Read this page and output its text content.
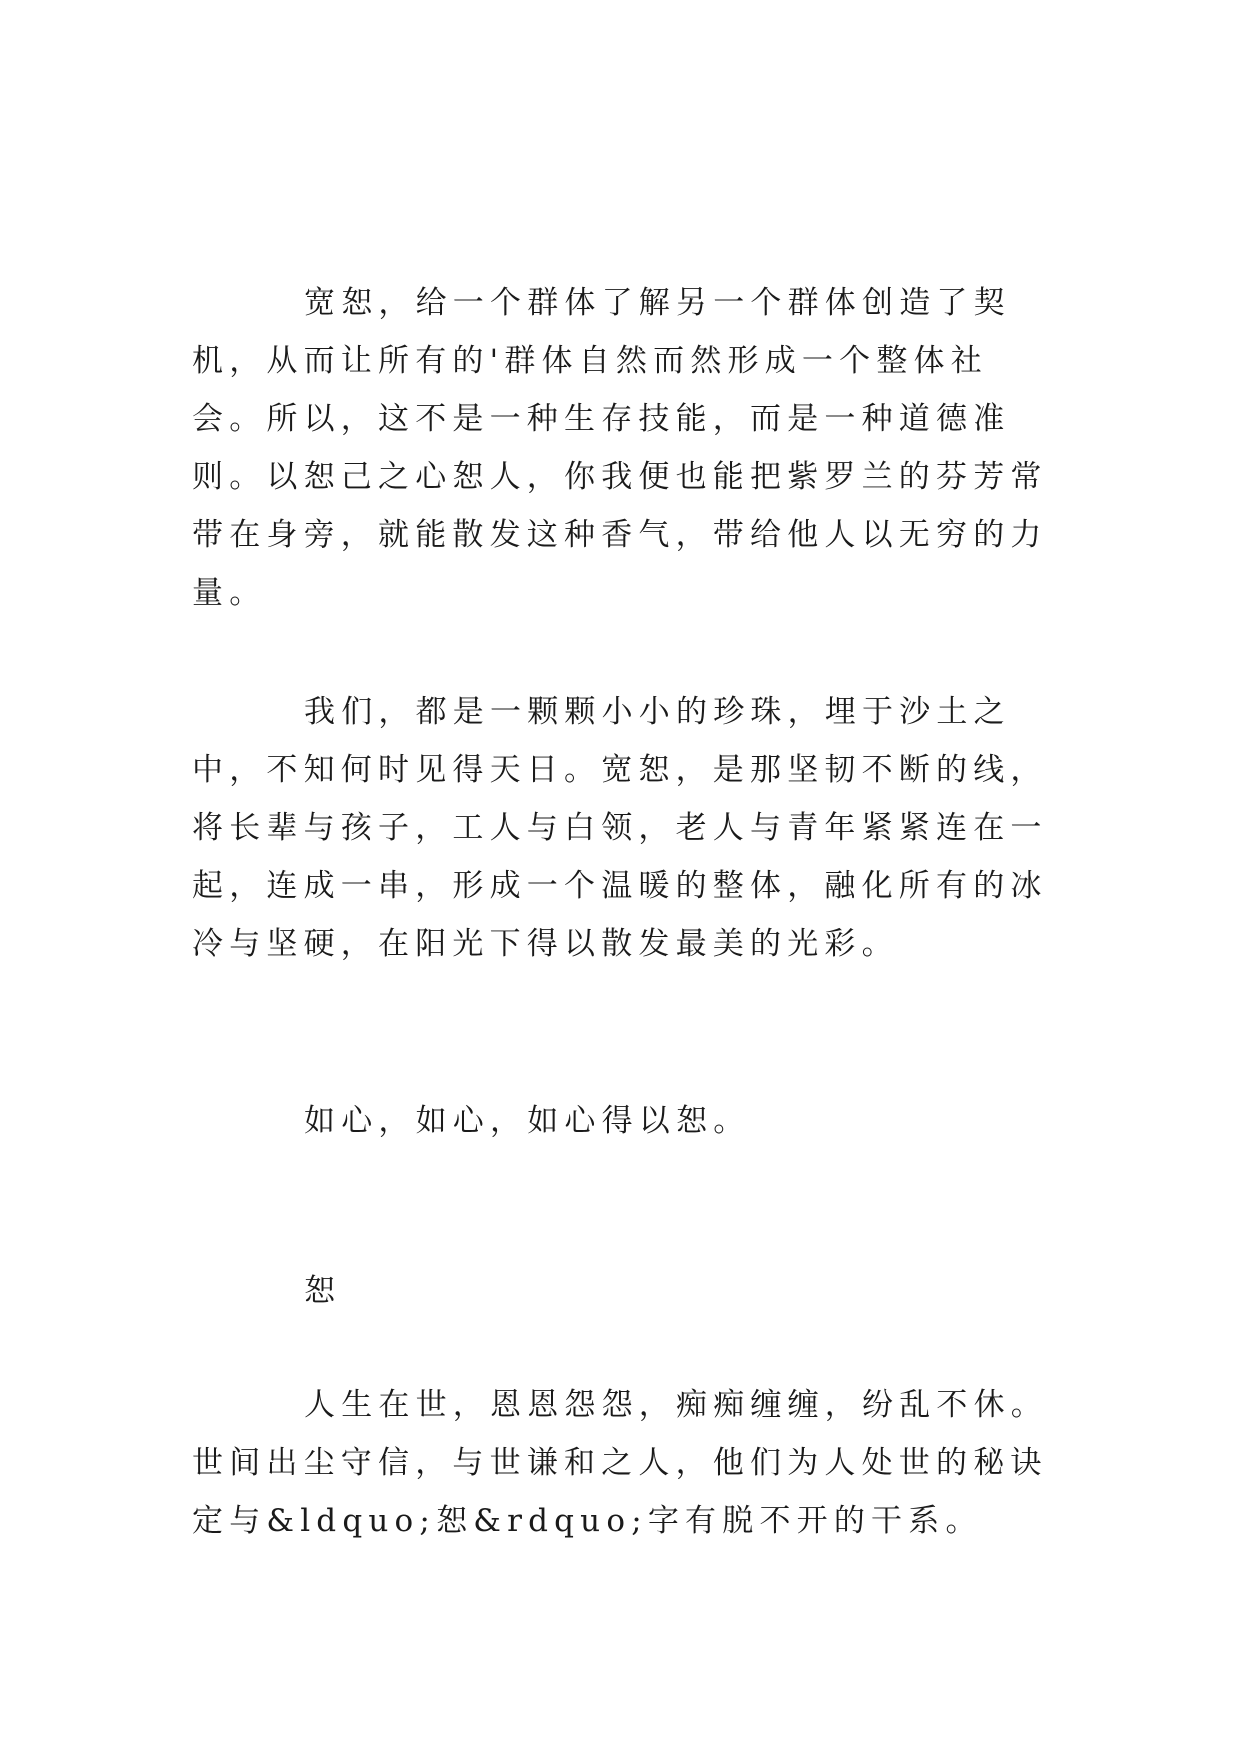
宽恕，给一个群体了解另一个群体创造了契机，从而让所有的'群体自然而然形成一个整体社会。所以，这不是一种生存技能，而是一种道德准则。以恕己之心恕人，你我便也能把紫罗兰的芬芳常带在身旁，就能散发这种香气，带给他人以无穷的力量。

我们，都是一颗颗小小的珍珠，埋于沙土之中，不知何时见得天日。宽恕，是那坚韧不断的线，将长辈与孩子，工人与白领，老人与青年紧紧连在一起，连成一串，形成一个温暖的整体，融化所有的冰冷与坚硬，在阳光下得以散发最美的光彩。

如心，如心，如心得以恕。

恕

人生在世，恩恩怨怨，痴痴缠缠，纷乱不休。世间出尘守信，与世谦和之人，他们为人处世的秘诀定与&ldquo;恕&rdquo;字有脱不开的干系。
